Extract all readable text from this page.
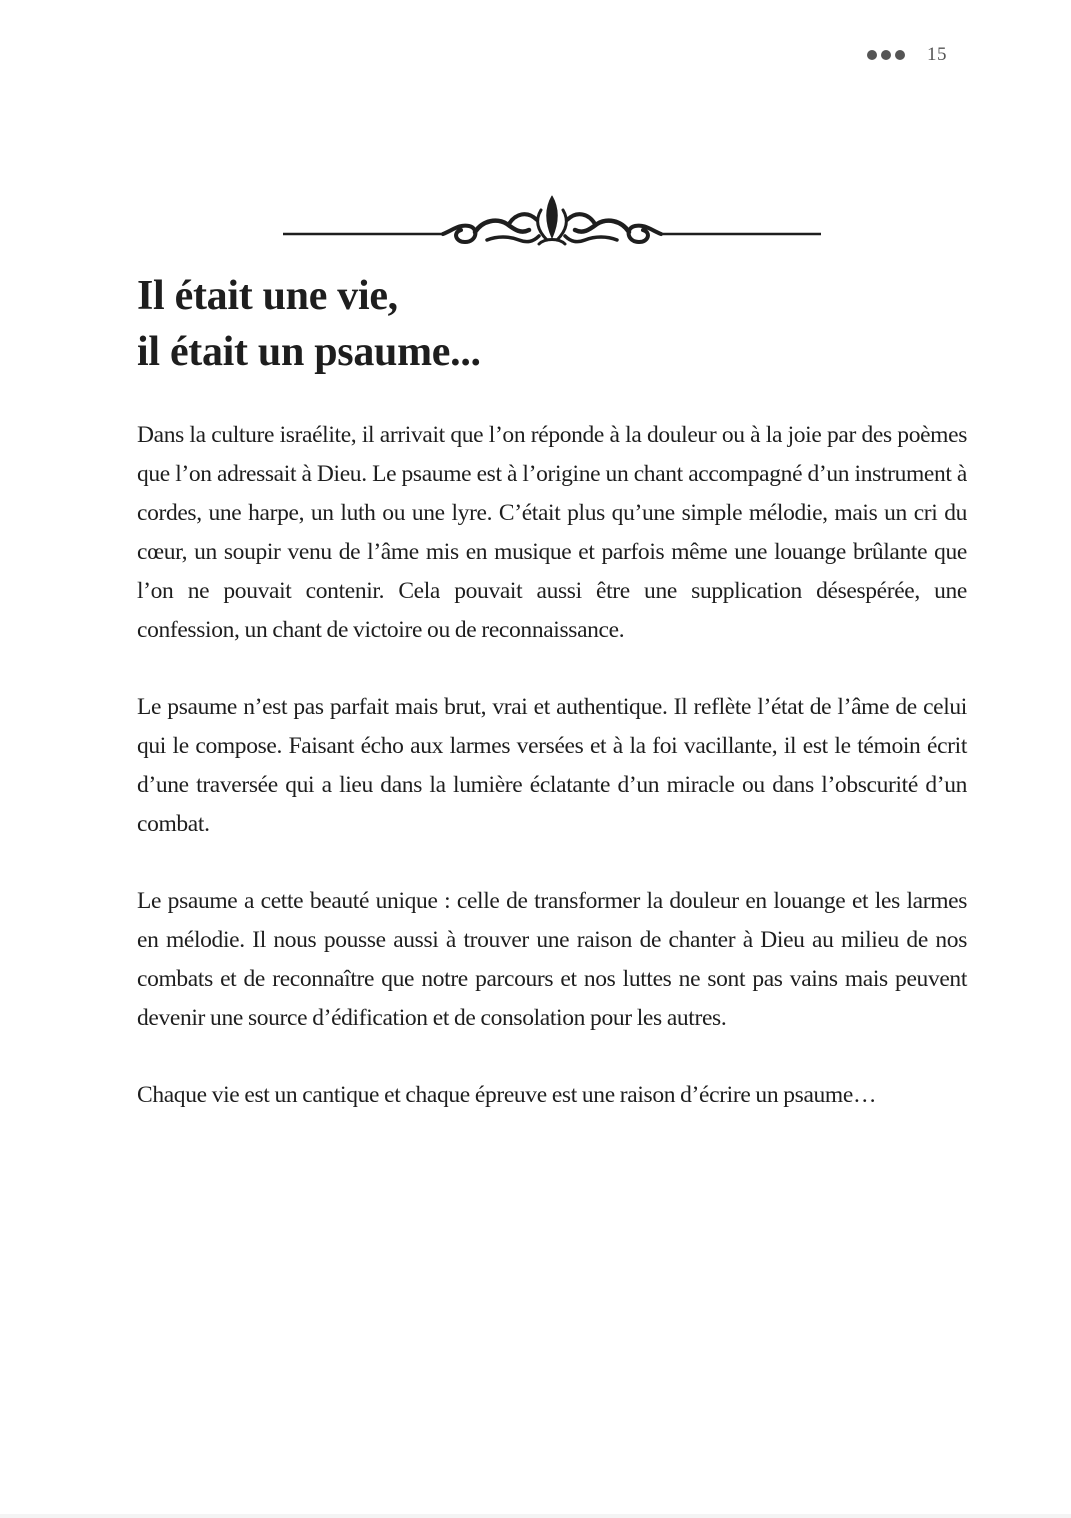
15
Il était une vie,
il était un psaume...

Dans la culture israélite, il arrivait que l’on réponde à la douleur ou à la joie par des poèmes que l’on adressait à Dieu. Le psaume est à l’origine un chant accompagné d’un instrument à cordes, une harpe, un luth ou une lyre. C’était plus qu’une simple mélodie, mais un cri du cœur, un soupir venu de l’âme mis en musique et parfois même une louange brûlante que l’on ne pouvait contenir. Cela pouvait aussi être une supplication désespérée, une confession, un chant de victoire ou de reconnaissance.

Le psaume n’est pas parfait mais brut, vrai et authentique. Il reflète l’état de l’âme de celui qui le compose. Faisant écho aux larmes versées et à la foi vacillante, il est le témoin écrit d’une traversée qui a lieu dans la lumière éclatante d’un miracle ou dans l’obscurité d’un combat.

Le psaume a cette beauté unique : celle de transformer la douleur en louange et les larmes en mélodie. Il nous pousse aussi à trouver une raison de chanter à Dieu au milieu de nos combats et de reconnaître que notre parcours et nos luttes ne sont pas vains mais peuvent devenir une source d’édification et de consolation pour les autres.

Chaque vie est un cantique et chaque épreuve est une raison d’écrire un psaume…
